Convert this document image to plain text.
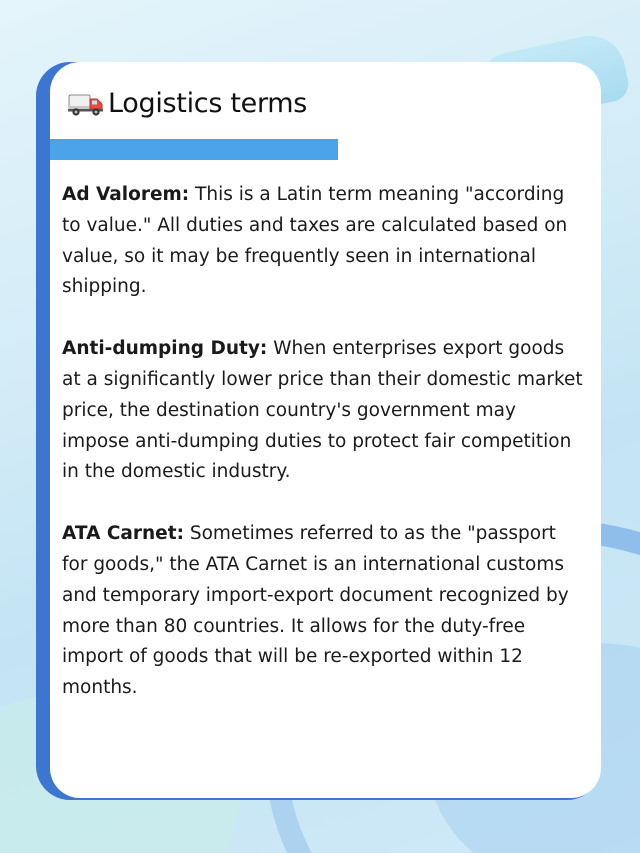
Logistics terms

Ad Valorem: This is a Latin term meaning "according to value." All duties and taxes are calculated based on value, so it may be frequently seen in international shipping.

Anti-dumping Duty: When enterprises export goods at a significantly lower price than their domestic market price, the destination country's government may impose anti-dumping duties to protect fair competition in the domestic industry.

ATA Carnet: Sometimes referred to as the "passport for goods," the ATA Carnet is an international customs and temporary import-export document recognized by more than 80 countries. It allows for the duty-free import of goods that will be re-exported within 12 months.
